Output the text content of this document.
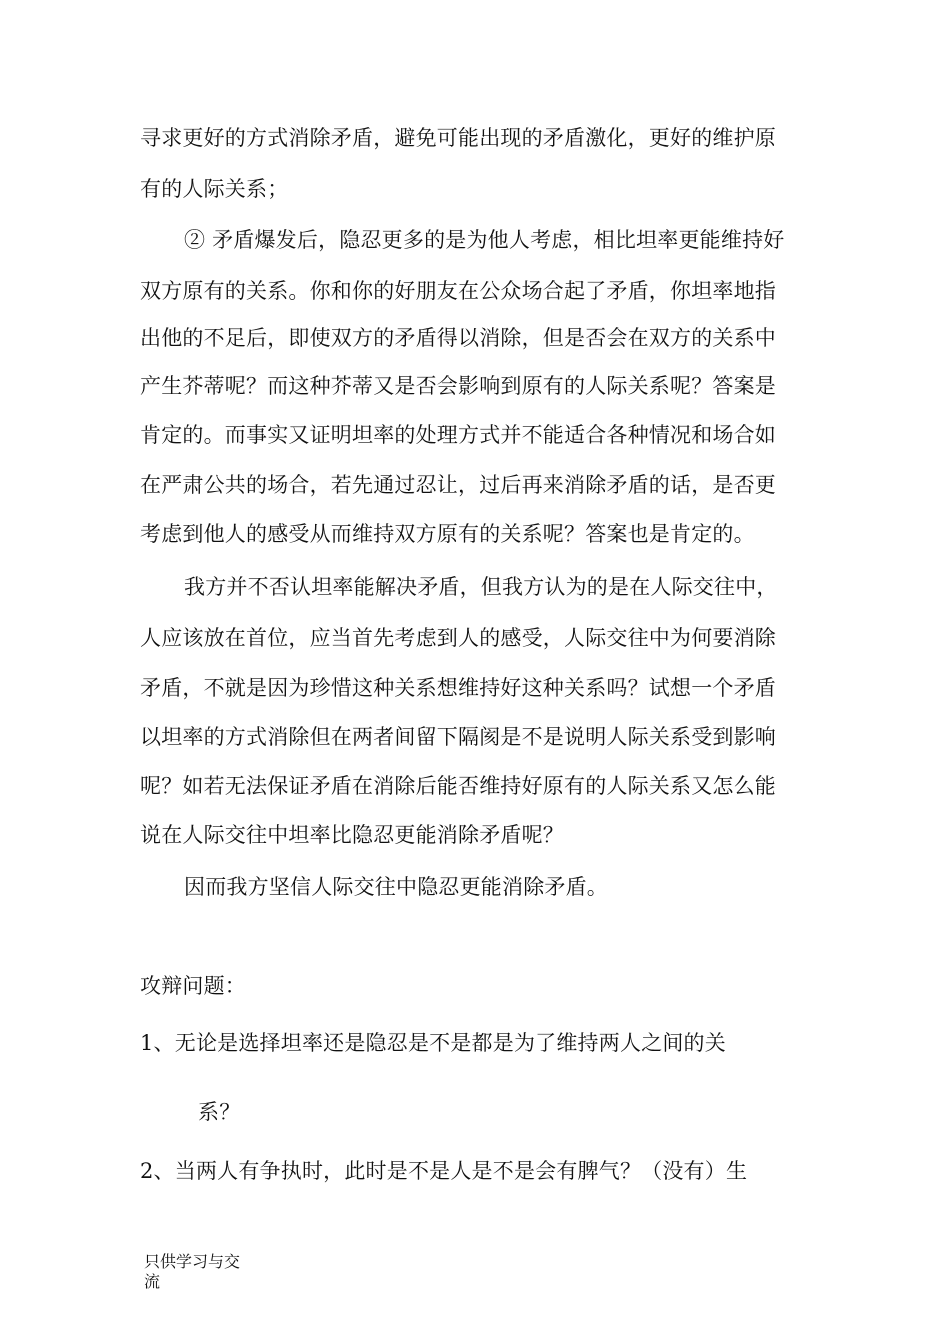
寻求更好的方式消除矛盾，避免可能出现的矛盾激化，更好的维护原
有的人际关系；
② 矛盾爆发后，隐忍更多的是为他人考虑，相比坦率更能维持好
双方原有的关系。你和你的好朋友在公众场合起了矛盾，你坦率地指
出他的不足后，即使双方的矛盾得以消除，但是否会在双方的关系中
产生芥蒂呢？而这种芥蒂又是否会影响到原有的人际关系呢？答案是
肯定的。而事实又证明坦率的处理方式并不能适合各种情况和场合如
在严肃公共的场合，若先通过忍让，过后再来消除矛盾的话，是否更
考虑到他人的感受从而维持双方原有的关系呢？答案也是肯定的。
我方并不否认坦率能解决矛盾，但我方认为的是在人际交往中，
人应该放在首位，应当首先考虑到人的感受，人际交往中为何要消除
矛盾，不就是因为珍惜这种关系想维持好这种关系吗？试想一个矛盾
以坦率的方式消除但在两者间留下隔阂是不是说明人际关系受到影响
呢？如若无法保证矛盾在消除后能否维持好原有的人际关系又怎么能
说在人际交往中坦率比隐忍更能消除矛盾呢？
因而我方坚信人际交往中隐忍更能消除矛盾。
攻辩问题：
1、无论是选择坦率还是隐忍是不是都是为了维持两人之间的关
系？
2、当两人有争执时，此时是不是人是不是会有脾气？（没有）生
只供学习与交
流
